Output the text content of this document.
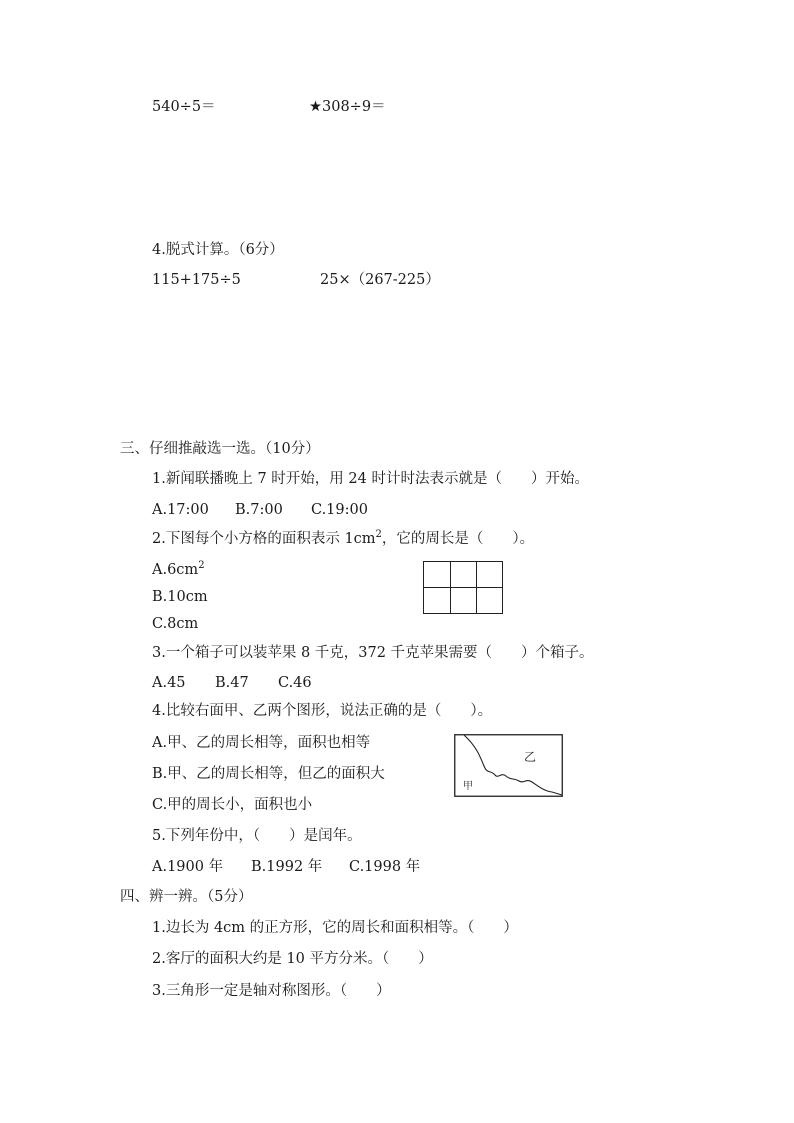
540÷5＝	★308÷9＝
4.脱式计算。（6分）
115+175÷5	25×（267-225）
三、仔细推敲选一选。（10分）
1.新闻联播晚上 7 时开始，用 24 时计时法表示就是（　　）开始。
A.17:00 B.7:00 C.19:00
2.下图每个小方格的面积表示 $1cm^2$，它的周长是（　　）。
$A.6cm^2$
B.10cm
C.8cm
3.一个箱子可以装苹果 8 千克，372 千克苹果需要（　　）个箱子。
A.45 B.47 C.46
4.比较右面甲、乙两个图形，说法正确的是（　　）。
A.甲、乙的周长相等，面积也相等
B.甲、乙的周长相等，但乙的面积大
C.甲的周长小，面积也小
乙
甲
5.下列年份中，（　　）是闰年。
A.1900 年 B.1992 年 C.1998 年
四、辨一辨。（5分）
1.边长为 4cm 的正方形，它的周长和面积相等。（　　）
2.客厅的面积大约是 10 平方分米。（　　）
3.三角形一定是轴对称图形。（　　）
